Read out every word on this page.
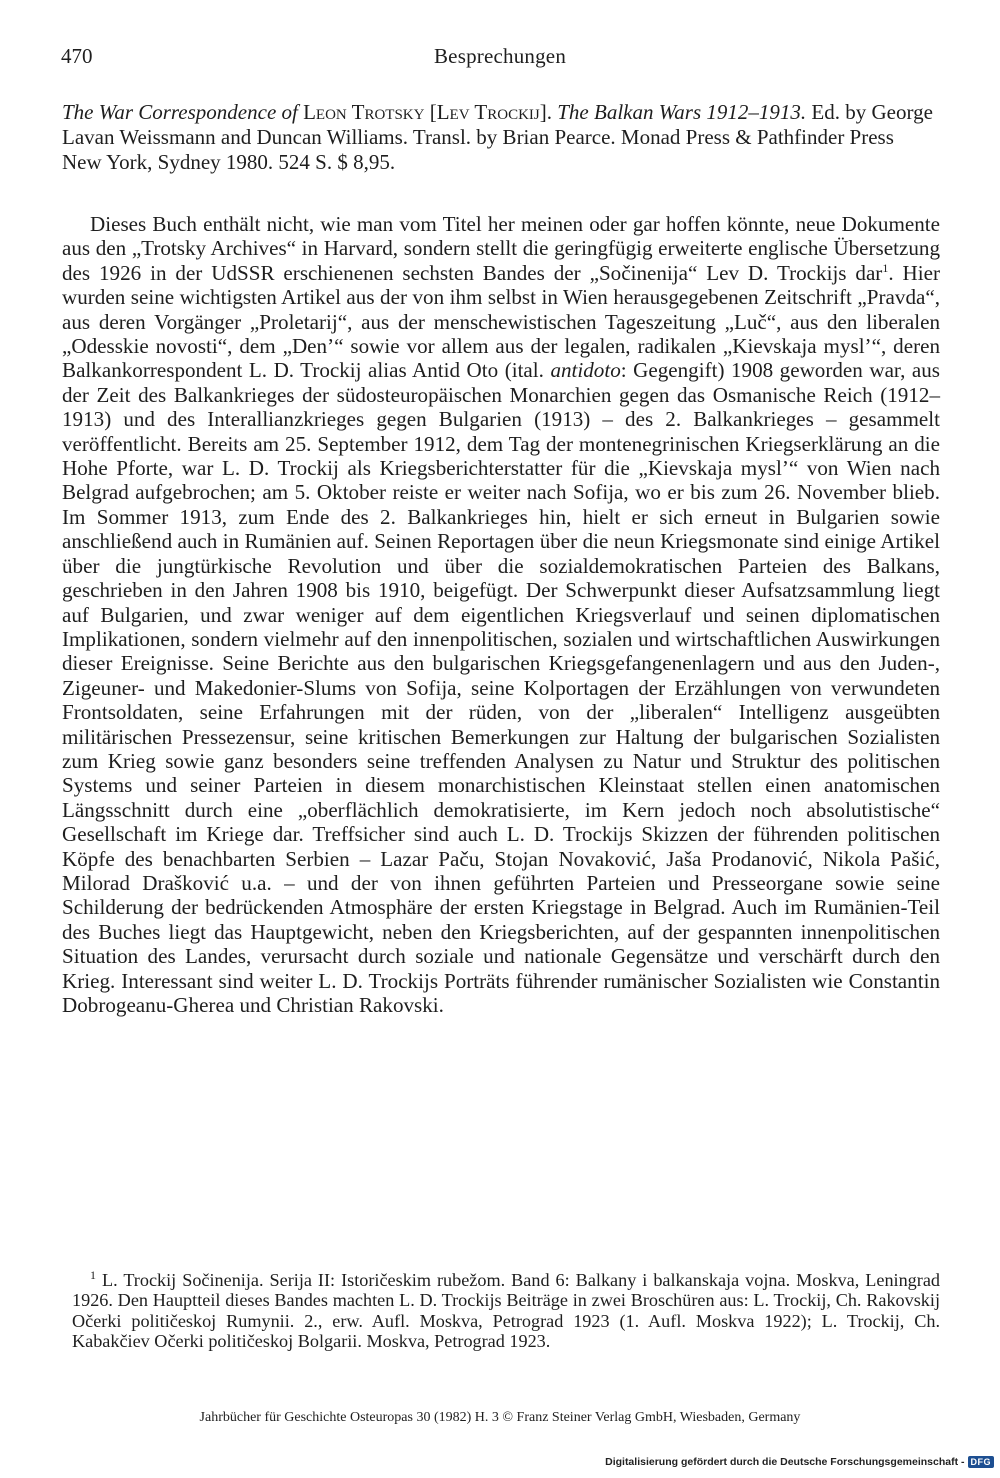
470	Besprechungen
The War Correspondence of Leon Trotsky [Lev Trockij]. The Balkan Wars 1912–1913. Ed. by George Lavan Weissmann and Duncan Williams. Transl. by Brian Pearce. Monad Press & Pathfinder Press New York, Sydney 1980. 524 S. $ 8,95.
Dieses Buch enthält nicht, wie man vom Titel her meinen oder gar hoffen könnte, neue Dokumente aus den „Trotsky Archives“ in Harvard, sondern stellt die geringfügig erweiterte englische Übersetzung des 1926 in der UdSSR erschienenen sechsten Bandes der „Sočinenija“ Lev D. Trockijs dar$^1$. Hier wurden seine wichtigsten Artikel aus der von ihm selbst in Wien herausgegebenen Zeitschrift „Pravda“, aus deren Vorgänger „Proletarij“, aus der menschewistischen Tageszeitung „Luč“, aus den liberalen „Odesskie novosti“, dem „Den’“ sowie vor allem aus der legalen, radikalen „Kievskaja mysl’“, deren Balkankorrespondent L. D. Trockij alias Antid Oto (ital. antidoto: Gegengift) 1908 geworden war, aus der Zeit des Balkankrieges der südosteuropäischen Monarchien gegen das Osmanische Reich (1912–1913) und des Interallianzkrieges gegen Bulgarien (1913) – des 2. Balkankrieges – gesammelt veröffentlicht. Bereits am 25. September 1912, dem Tag der montenegrinischen Kriegserklärung an die Hohe Pforte, war L. D. Trockij als Kriegsberichterstatter für die „Kievskaja mysl’“ von Wien nach Belgrad aufgebrochen; am 5. Oktober reiste er weiter nach Sofija, wo er bis zum 26. November blieb. Im Sommer 1913, zum Ende des 2. Balkankrieges hin, hielt er sich erneut in Bulgarien sowie anschließend auch in Rumänien auf. Seinen Reportagen über die neun Kriegsmonate sind einige Artikel über die jungtürkische Revolution und über die sozialdemokratischen Parteien des Balkans, geschrieben in den Jahren 1908 bis 1910, beigefügt. Der Schwerpunkt dieser Aufsatzsammlung liegt auf Bulgarien, und zwar weniger auf dem eigentlichen Kriegsverlauf und seinen diplomatischen Implikationen, sondern vielmehr auf den innenpolitischen, sozialen und wirtschaftlichen Auswirkungen dieser Ereignisse. Seine Berichte aus den bulgarischen Kriegsgefangenenlagern und aus den Juden-, Zigeuner- und Makedonier-Slums von Sofija, seine Kolportagen der Erzählungen von verwundeten Frontsoldaten, seine Erfahrungen mit der rüden, von der „liberalen“ Intelligenz ausgeübten militärischen Pressezensur, seine kritischen Bemerkungen zur Haltung der bulgarischen Sozialisten zum Krieg sowie ganz besonders seine treffenden Analysen zu Natur und Struktur des politischen Systems und seiner Parteien in diesem monarchistischen Kleinstaat stellen einen anatomischen Längsschnitt durch eine „oberflächlich demokratisierte, im Kern jedoch noch absolutistische“ Gesellschaft im Kriege dar. Treffsicher sind auch L. D. Trockijs Skizzen der führenden politischen Köpfe des benachbarten Serbien – Lazar Paču, Stojan Novaković, Jaša Prodanović, Nikola Pašić, Milorad Drašković u.a. – und der von ihnen geführten Parteien und Presseorgane sowie seine Schilderung der bedrückenden Atmosphäre der ersten Kriegstage in Belgrad. Auch im Rumänien-Teil des Buches liegt das Hauptgewicht, neben den Kriegsberichten, auf der gespannten innenpolitischen Situation des Landes, verursacht durch soziale und nationale Gegensätze und verschärft durch den Krieg. Interessant sind weiter L. D. Trockijs Porträts führender rumänischer Sozialisten wie Constantin Dobrogeanu-Gherea und Christian Rakovski.
$^1$ L. Trockij Sočinenija. Serija II: Istoričeskim rubežom. Band 6: Balkany i balkanskaja vojna. Moskva, Leningrad 1926. Den Hauptteil dieses Bandes machten L. D. Trockijs Beiträge in zwei Broschüren aus: L. Trockij, Ch. Rakovskij Očerki političeskoj Rumynii. 2., erw. Aufl. Moskva, Petrograd 1923 (1. Aufl. Moskva 1922); L. Trockij, Ch. Kabakčiev Očerki političeskoj Bolgarii. Moskva, Petrograd 1923.
Jahrbücher für Geschichte Osteuropas 30 (1982) H. 3 © Franz Steiner Verlag GmbH, Wiesbaden, Germany
Digitalisierung gefördert durch die Deutsche Forschungsgemeinschaft - DFG
